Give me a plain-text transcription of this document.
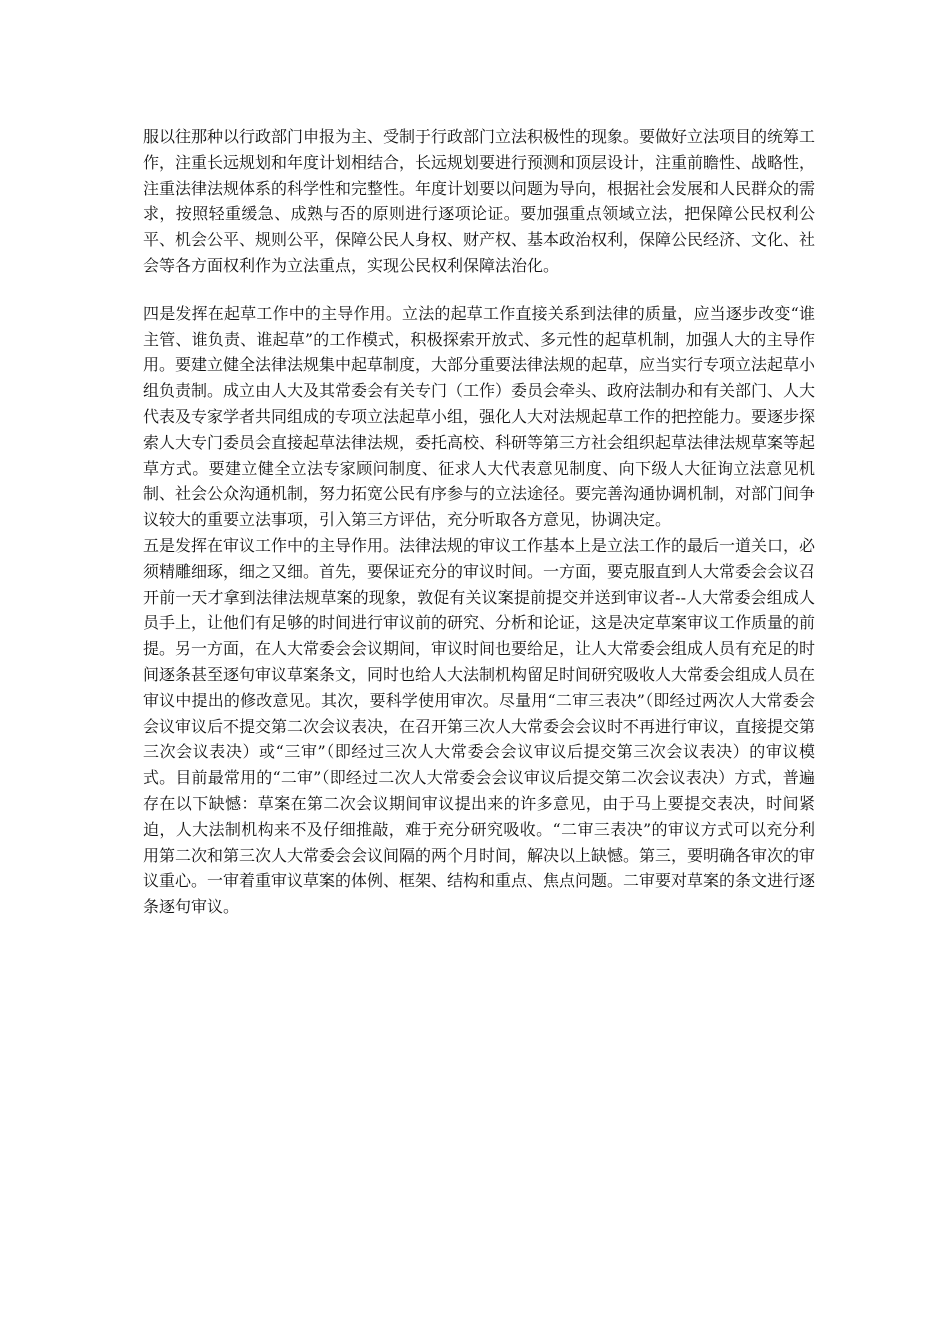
服以往那种以行政部门申报为主、受制于行政部门立法积极性的现象。要做好立法项目的统筹工作，注重长远规划和年度计划相结合，长远规划要进行预测和顶层设计，注重前瞻性、战略性，注重法律法规体系的科学性和完整性。年度计划要以问题为导向，根据社会发展和人民群众的需求，按照轻重缓急、成熟与否的原则进行逐项论证。要加强重点领域立法，把保障公民权利公平、机会公平、规则公平，保障公民人身权、财产权、基本政治权利，保障公民经济、文化、社会等各方面权利作为立法重点，实现公民权利保障法治化。

四是发挥在起草工作中的主导作用。立法的起草工作直接关系到法律的质量，应当逐步改变“谁主管、谁负责、谁起草”的工作模式，积极探索开放式、多元性的起草机制，加强人大的主导作用。要建立健全法律法规集中起草制度，大部分重要法律法规的起草，应当实行专项立法起草小组负责制。成立由人大及其常委会有关专门（工作）委员会牵头、政府法制办和有关部门、人大代表及专家学者共同组成的专项立法起草小组，强化人大对法规起草工作的把控能力。要逐步探索人大专门委员会直接起草法律法规，委托高校、科研等第三方社会组织起草法律法规草案等起草方式。要建立健全立法专家顾问制度、征求人大代表意见制度、向下级人大征询立法意见机制、社会公众沟通机制，努力拓宽公民有序参与的立法途径。要完善沟通协调机制，对部门间争议较大的重要立法事项，引入第三方评估，充分听取各方意见，协调决定。

五是发挥在审议工作中的主导作用。法律法规的审议工作基本上是立法工作的最后一道关口，必须精雕细琢，细之又细。首先，要保证充分的审议时间。一方面，要克服直到人大常委会会议召开前一天才拿到法律法规草案的现象，敦促有关议案提前提交并送到审议者--人大常委会组成人员手上，让他们有足够的时间进行审议前的研究、分析和论证，这是决定草案审议工作质量的前提。另一方面，在人大常委会会议期间，审议时间也要给足，让人大常委会组成人员有充足的时间逐条甚至逐句审议草案条文，同时也给人大法制机构留足时间研究吸收人大常委会组成人员在审议中提出的修改意见。其次，要科学使用审次。尽量用“二审三表决”（即经过两次人大常委会会议审议后不提交第二次会议表决，在召开第三次人大常委会会议时不再进行审议，直接提交第三次会议表决）或“三审”（即经过三次人大常委会会议审议后提交第三次会议表决）的审议模式。目前最常用的“二审”（即经过二次人大常委会会议审议后提交第二次会议表决）方式，普遍存在以下缺憾：草案在第二次会议期间审议提出来的许多意见，由于马上要提交表决，时间紧迫，人大法制机构来不及仔细推敲，难于充分研究吸收。“二审三表决”的审议方式可以充分利用第二次和第三次人大常委会会议间隔的两个月时间，解决以上缺憾。第三，要明确各审次的审议重心。一审着重审议草案的体例、框架、结构和重点、焦点问题。二审要对草案的条文进行逐条逐句审议。
